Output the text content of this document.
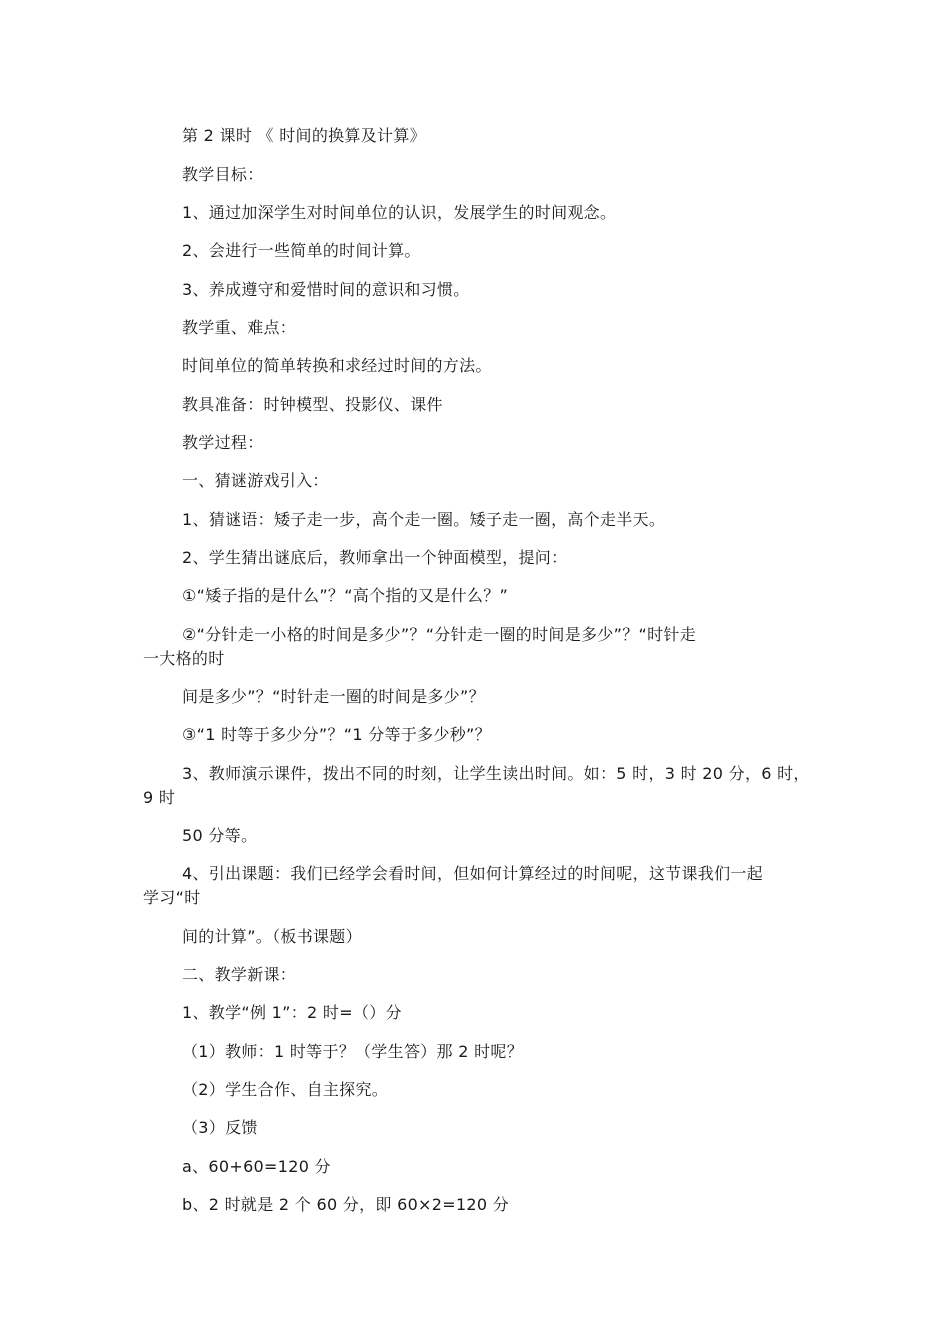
第 2 课时 《 时间的换算及计算》
教学目标：
1、通过加深学生对时间单位的认识，发展学生的时间观念。
2、会进行一些简单的时间计算。
3、养成遵守和爱惜时间的意识和习惯。
教学重、难点：
时间单位的简单转换和求经过时间的方法。
教具准备：时钟模型、投影仪、课件
教学过程：
一、猜谜游戏引入：
1、猜谜语：矮子走一步，高个走一圈。矮子走一圈，高个走半天。
2、学生猜出谜底后，教师拿出一个钟面模型，提问：
①“矮子指的是什么”？“高个指的又是什么？”
②“分针走一小格的时间是多少”？“分针走一圈的时间是多少”？“时针走
一大格的时
间是多少”？“时针走一圈的时间是多少”？
③“1 时等于多少分”？“1 分等于多少秒”？
3、教师演示课件，拨出不同的时刻，让学生读出时间。如：5 时，3 时 20 分，6 时，
9 时
50 分等。
4、引出课题：我们已经学会看时间，但如何计算经过的时间呢，这节课我们一起
学习“时
间的计算”。（板书课题）
二、教学新课：
1、教学“例 1”：2 时=（）分
（1）教师：1 时等于？（学生答）那 2 时呢？
（2）学生合作、自主探究。
（3）反馈
a、60+60=120 分
b、2 时就是 2 个 60 分，即 60×2=120 分
